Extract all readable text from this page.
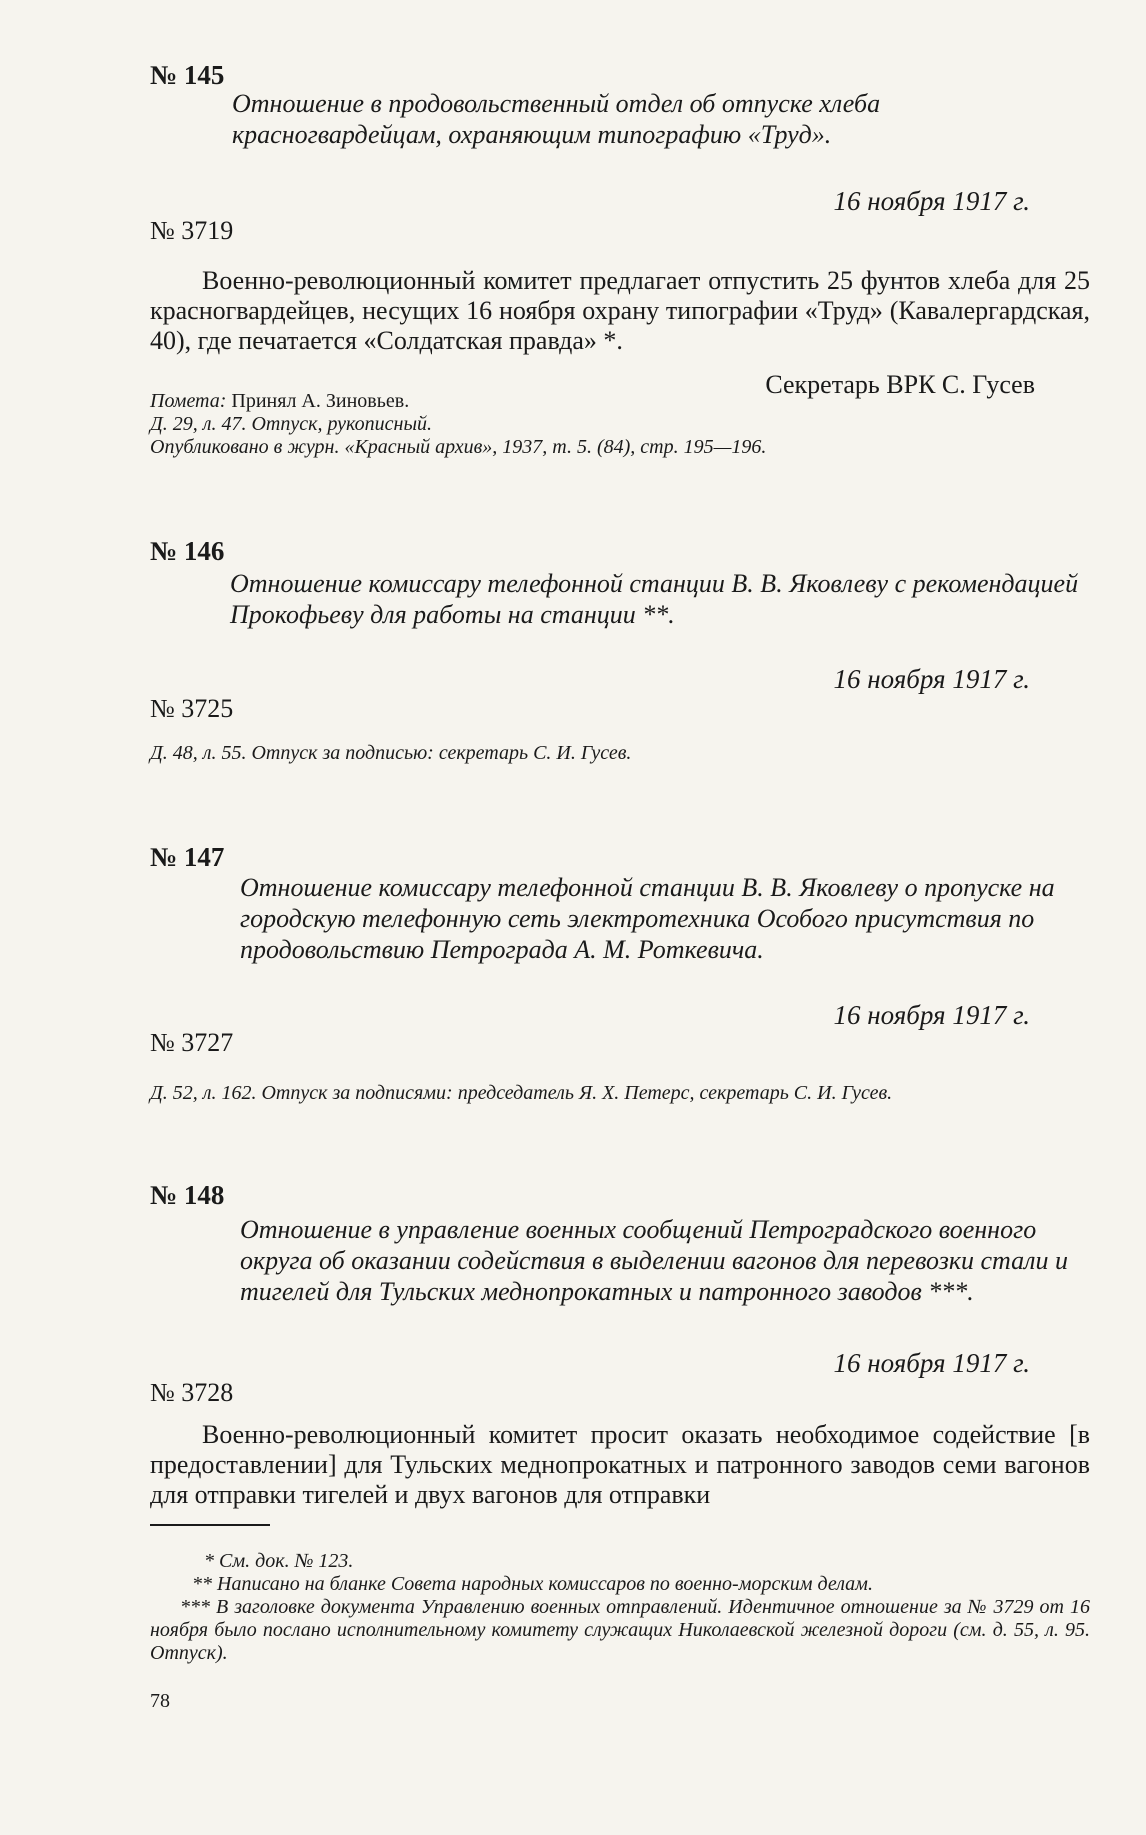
№ 145
Отношение в продовольственный отдел об отпуске хлеба красногвардейцам, охраняющим типографию «Труд».
16 ноября 1917 г.
№ 3719

Военно-революционный комитет предлагает отпустить 25 фунтов хлеба для 25 красногвардейцев, несущих 16 ноября охрану типографии «Труд» (Кавалергардская, 40), где печатается «Солдатская правда» *.

Секретарь ВРК С. Гусев
Помета: Принял А. Зиновьев.
Д. 29, л. 47. Отпуск, рукописный.
Опубликовано в журн. «Красный архив», 1937, т. 5. (84), стр. 195—196.
№ 146
Отношение комиссару телефонной станции В. В. Яковлеву с рекомендацией Прокофьеву для работы на станции **.
16 ноября 1917 г.
№ 3725
Д. 48, л. 55. Отпуск за подписью: секретарь С. И. Гусев.
№ 147
Отношение комиссару телефонной станции В. В. Яковлеву о пропуске на городскую телефонную сеть электротехника Особого присутствия по продовольствию Петрограда А. М. Роткевича.
16 ноября 1917 г.
№ 3727
Д. 52, л. 162. Отпуск за подписями: председатель Я. Х. Петерс, секретарь С. И. Гусев.
№ 148
Отношение в управление военных сообщений Петроградского военного округа об оказании содействия в выделении вагонов для перевозки стали и тигелей для Тульских меднопрокатных и патронного заводов ***.
16 ноября 1917 г.
№ 3728

Военно-революционный комитет просит оказать необходимое содействие [в предоставлении] для Тульских меднопрокатных и патронного заводов семи вагонов для отправки тигелей и двух вагонов для отправки

* См. док. № 123.
** Написано на бланке Совета народных комиссаров по военно-морским делам.
*** В заголовке документа Управлению военных отправлений. Идентичное отношение за № 3729 от 16 ноября было послано исполнительному комитету служащих Николаевской железной дороги (см. д. 55, л. 95. Отпуск).
78
